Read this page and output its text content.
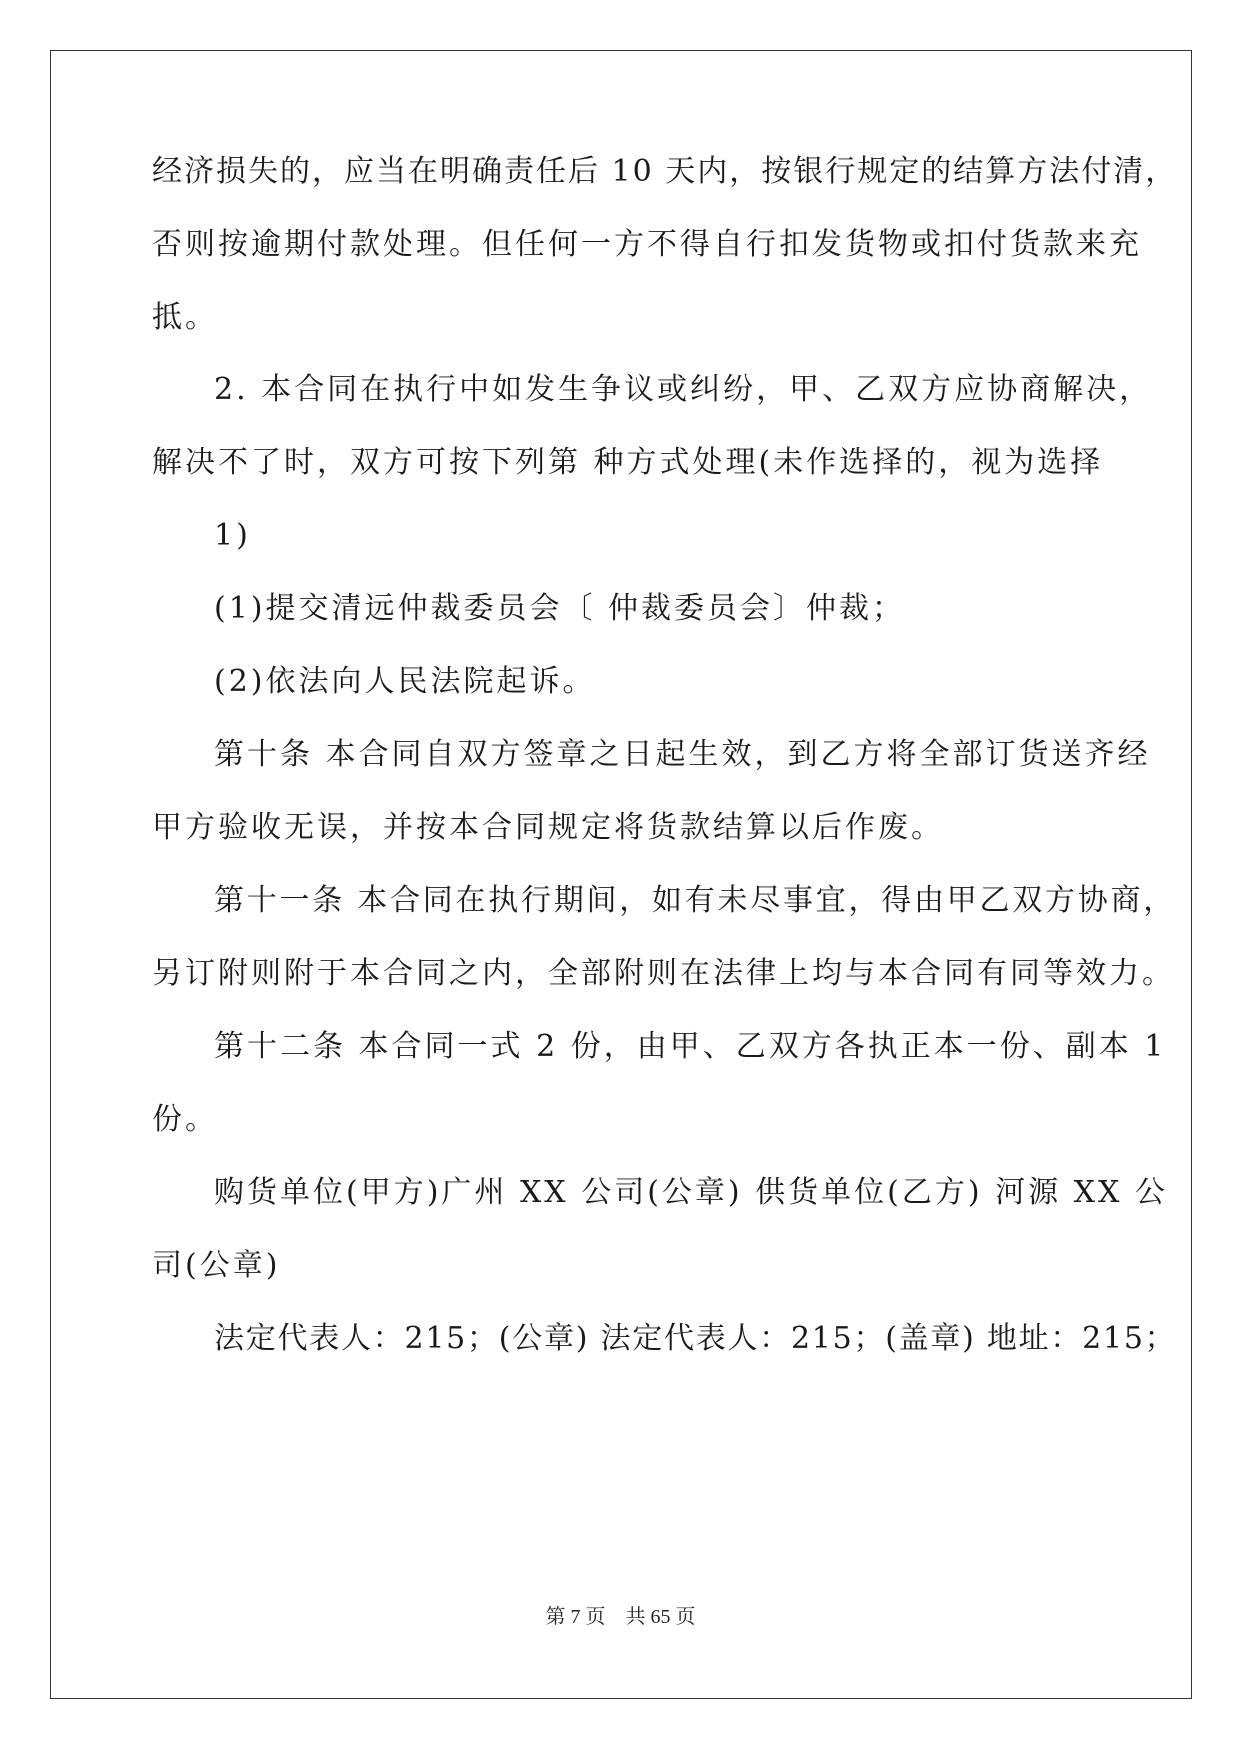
经济损失的，应当在明确责任后 10 天内，按银行规定的结算方法付清，
否则按逾期付款处理。但任何一方不得自行扣发货物或扣付货款来充
抵。
2. 本合同在执行中如发生争议或纠纷，甲、乙双方应协商解决，
解决不了时，双方可按下列第 种方式处理(未作选择的，视为选择
1)
(1)提交清远仲裁委员会〔 仲裁委员会〕仲裁；
(2)依法向人民法院起诉。
第十条 本合同自双方签章之日起生效，到乙方将全部订货送齐经
甲方验收无误，并按本合同规定将货款结算以后作废。
第十一条 本合同在执行期间，如有未尽事宜，得由甲乙双方协商，
另订附则附于本合同之内，全部附则在法律上均与本合同有同等效力。
第十二条 本合同一式 2 份，由甲、乙双方各执正本一份、副本 1
份。
购货单位(甲方)广州 XX 公司(公章) 供货单位(乙方) 河源 XX 公
司(公章)
法定代表人：215；(公章) 法定代表人：215；(盖章) 地址：215；
第 7 页　共 65 页
